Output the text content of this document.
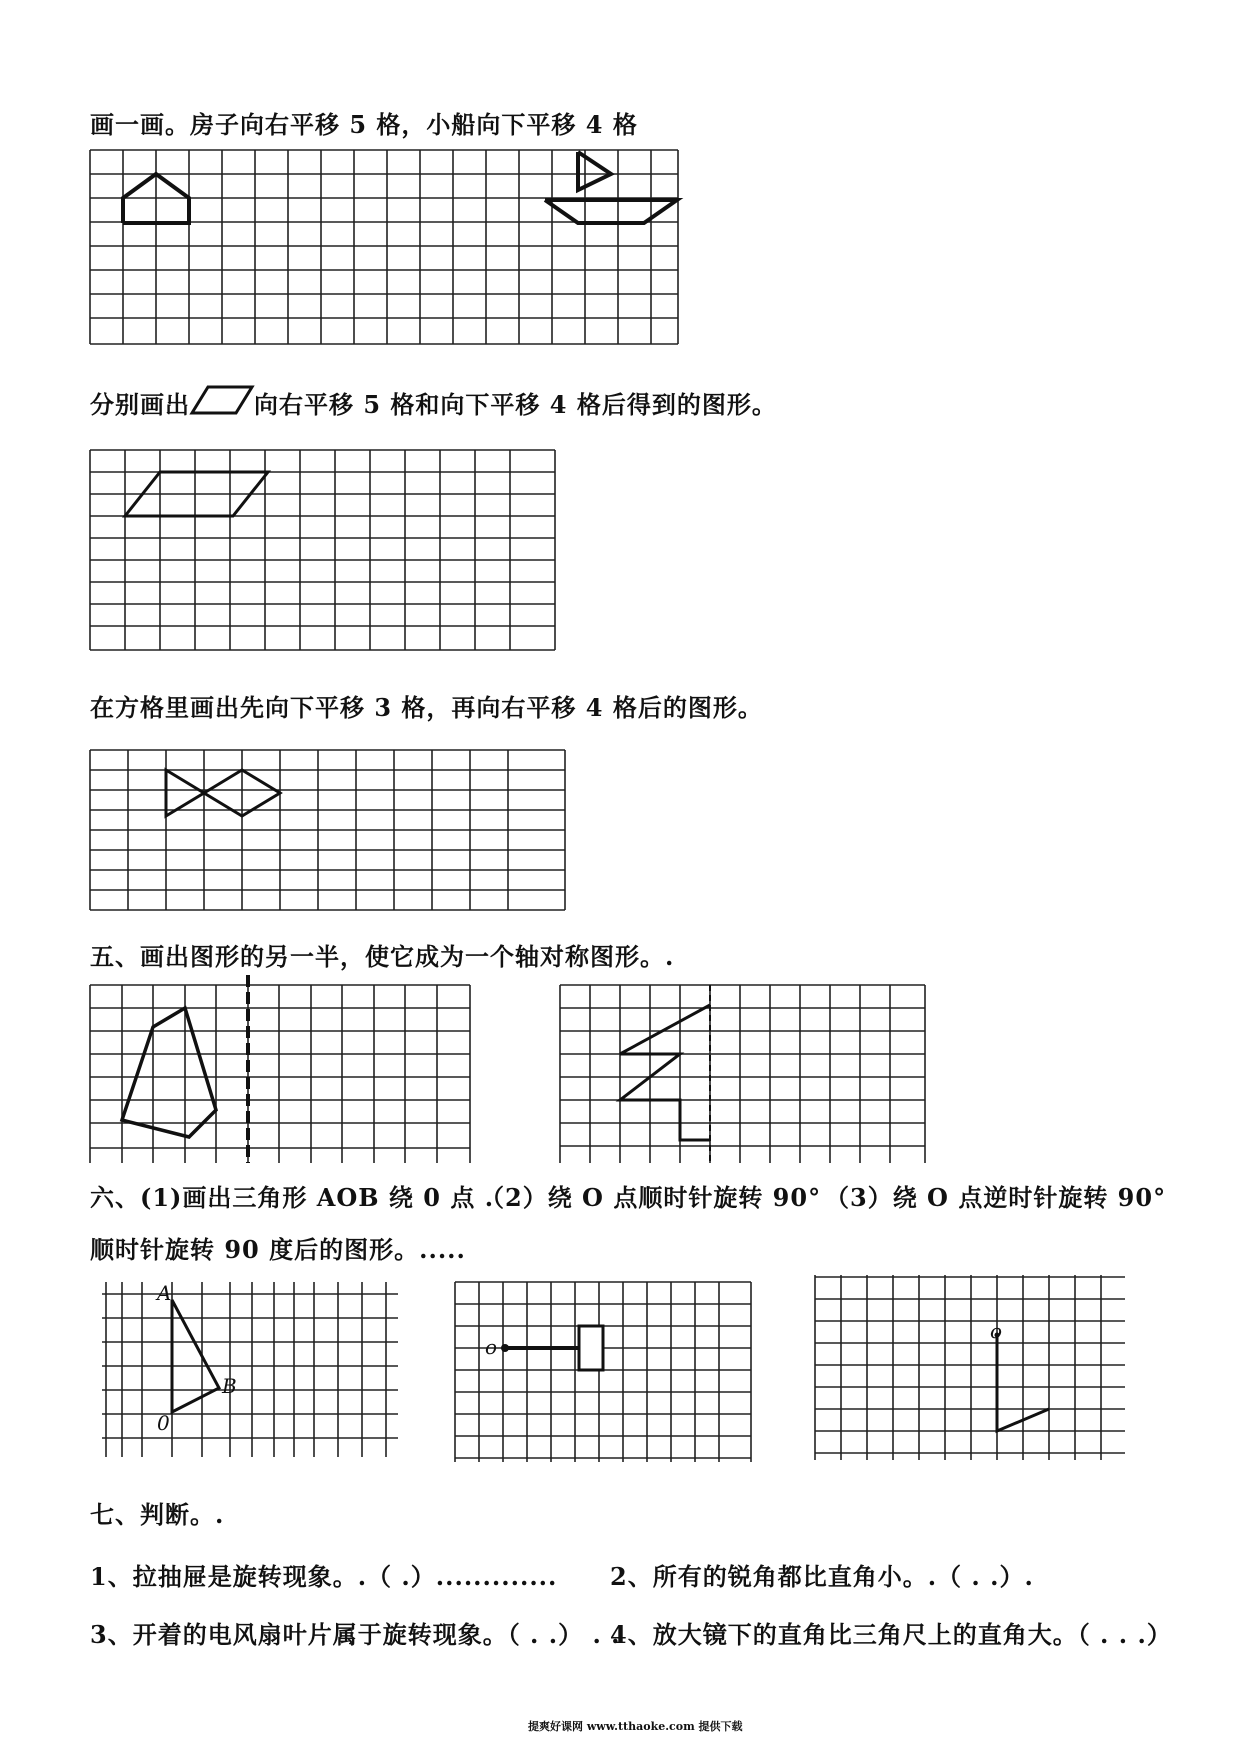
画一画。房子向右平移 5 格，小船向下平移 4 格
分别画出	向右平移 5 格和向下平移 4 格后得到的图形。
在方格里画出先向下平移 3 格，再向右平移 4 格后的图形。
五、画出图形的另一半，使它成为一个轴对称图形。.
六、(1)画出三角形 AOB 绕 0 点 .
（2）绕 O 点顺时针旋转 90° （3）绕 O 点逆时针旋转 90°
顺时针旋转 90 度后的图形。.....
A
B
0
o
o
七、判断。.
1、拉抽屉是旋转现象。.（ .）............. 2、所有的锐角都比直角小。.（ . .）.
3、开着的电风扇叶片属于旋转现象。（ . .） . .
4、放大镜下的直角比三角尺上的直角大。（ . . .）
提爽好课网 www.tthaoke.com 提供下载
